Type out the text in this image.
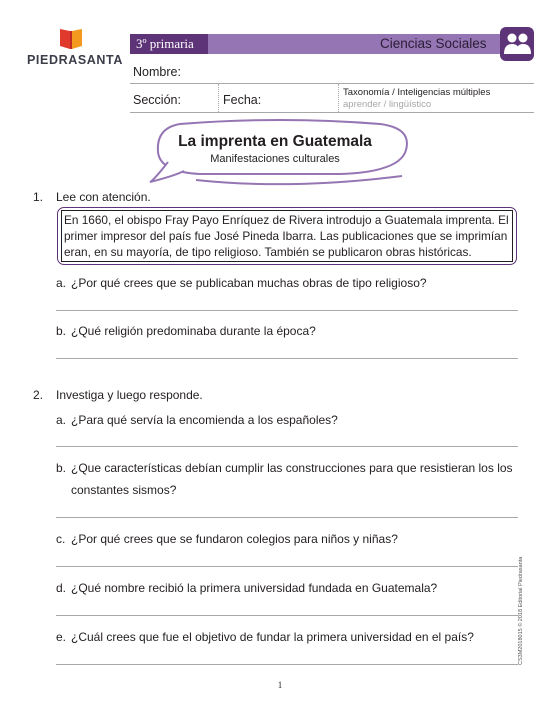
PIEDRASANTA
3º primaria	Ciencias Sociales
Nombre:
Sección:	Fecha:
Taxonomía / Inteligencias múltiples
aprender / lingüístico
La imprenta en Guatemala
Manifestaciones culturales
1. Lee con atención.
En 1660, el obispo Fray Payo Enríquez de Rivera introdujo a Guatemala imprenta. El primer impresor del país fue José Pineda Ibarra. Las publicaciones que se imprimían eran, en su mayoría, de tipo religioso. También se publicaron obras históricas.
a. ¿Por qué crees que se publicaban muchas obras de tipo religioso?
b. ¿Qué religión predominaba durante la época?
2. Investiga y luego responde.
a. ¿Para qué servía la encomienda a los españoles?
b. ¿Que características debían cumplir las construcciones para que resistieran los los
constantes sismos?
c. ¿Por qué crees que se fundaron colegios para niños y niñas?
d. ¿Qué nombre recibió la primera universidad fundada en Guatemala?
e. ¿Cuál crees que fue el objetivo de fundar la primera universidad en el país?	CS3M2018015 © 2018 Editorial Piedrasanta
1
